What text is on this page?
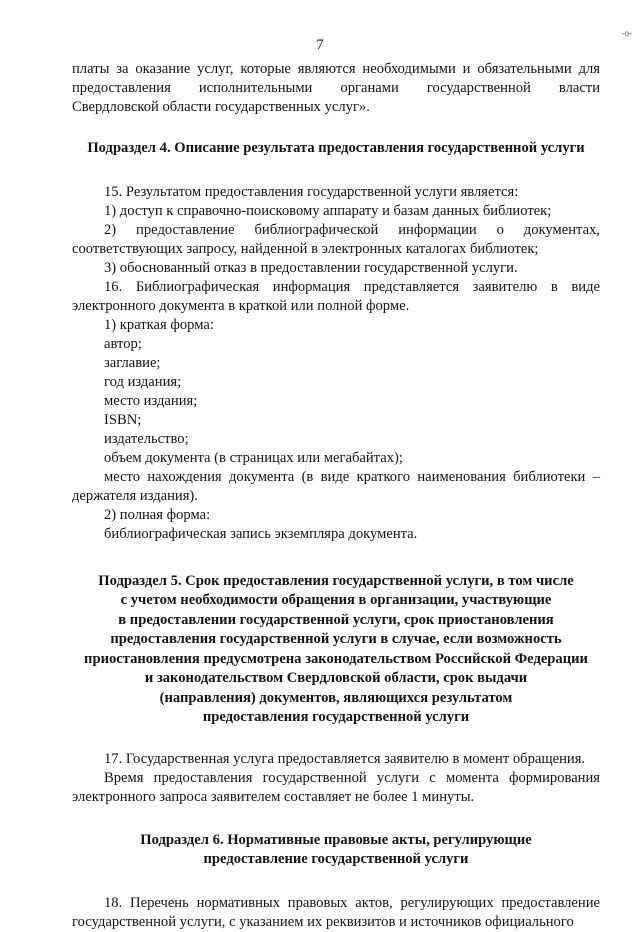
-o-
7
платы за оказание услуг, которые являются необходимыми и обязательными для
предоставления исполнительными органами государственной власти
Свердловской области государственных услуг».

Подраздел 4. Описание результата предоставления государственной услуги

15. Результатом предоставления государственной услуги является:

1) доступ к справочно-поисковому аппарату и базам данных библиотек;

2) предоставление библиографической информации о документах, соответствующих запросу, найденной в электронных каталогах библиотек;

3) обоснованный отказ в предоставлении государственной услуги.

16. Библиографическая информация представляется заявителю в виде электронного документа в краткой или полной форме.

1) краткая форма:

автор;

заглавие;

год издания;

место издания;

ISBN;

издательство;

объем документа (в страницах или мегабайтах);

место нахождения документа (в виде краткого наименования библиотеки – держателя издания).

2) полная форма:

библиографическая запись экземпляра документа.

Подраздел 5. Срок предоставления государственной услуги, в том числе

с учетом необходимости обращения в организации, участвующие

в предоставлении государственной услуги, срок приостановления

предоставления государственной услуги в случае, если возможность

приостановления предусмотрена законодательством Российской Федерации

и законодательством Свердловской области, срок выдачи

(направления) документов, являющихся результатом

предоставления государственной услуги

17. Государственная услуга предоставляется заявителю в момент обращения.

Время предоставления государственной услуги с момента формирования электронного запроса заявителем составляет не более 1 минуты.

Подраздел 6. Нормативные правовые акты, регулирующие

предоставление государственной услуги

18. Перечень нормативных правовых актов, регулирующих предоставление государственной услуги, с указанием их реквизитов и источников официального
